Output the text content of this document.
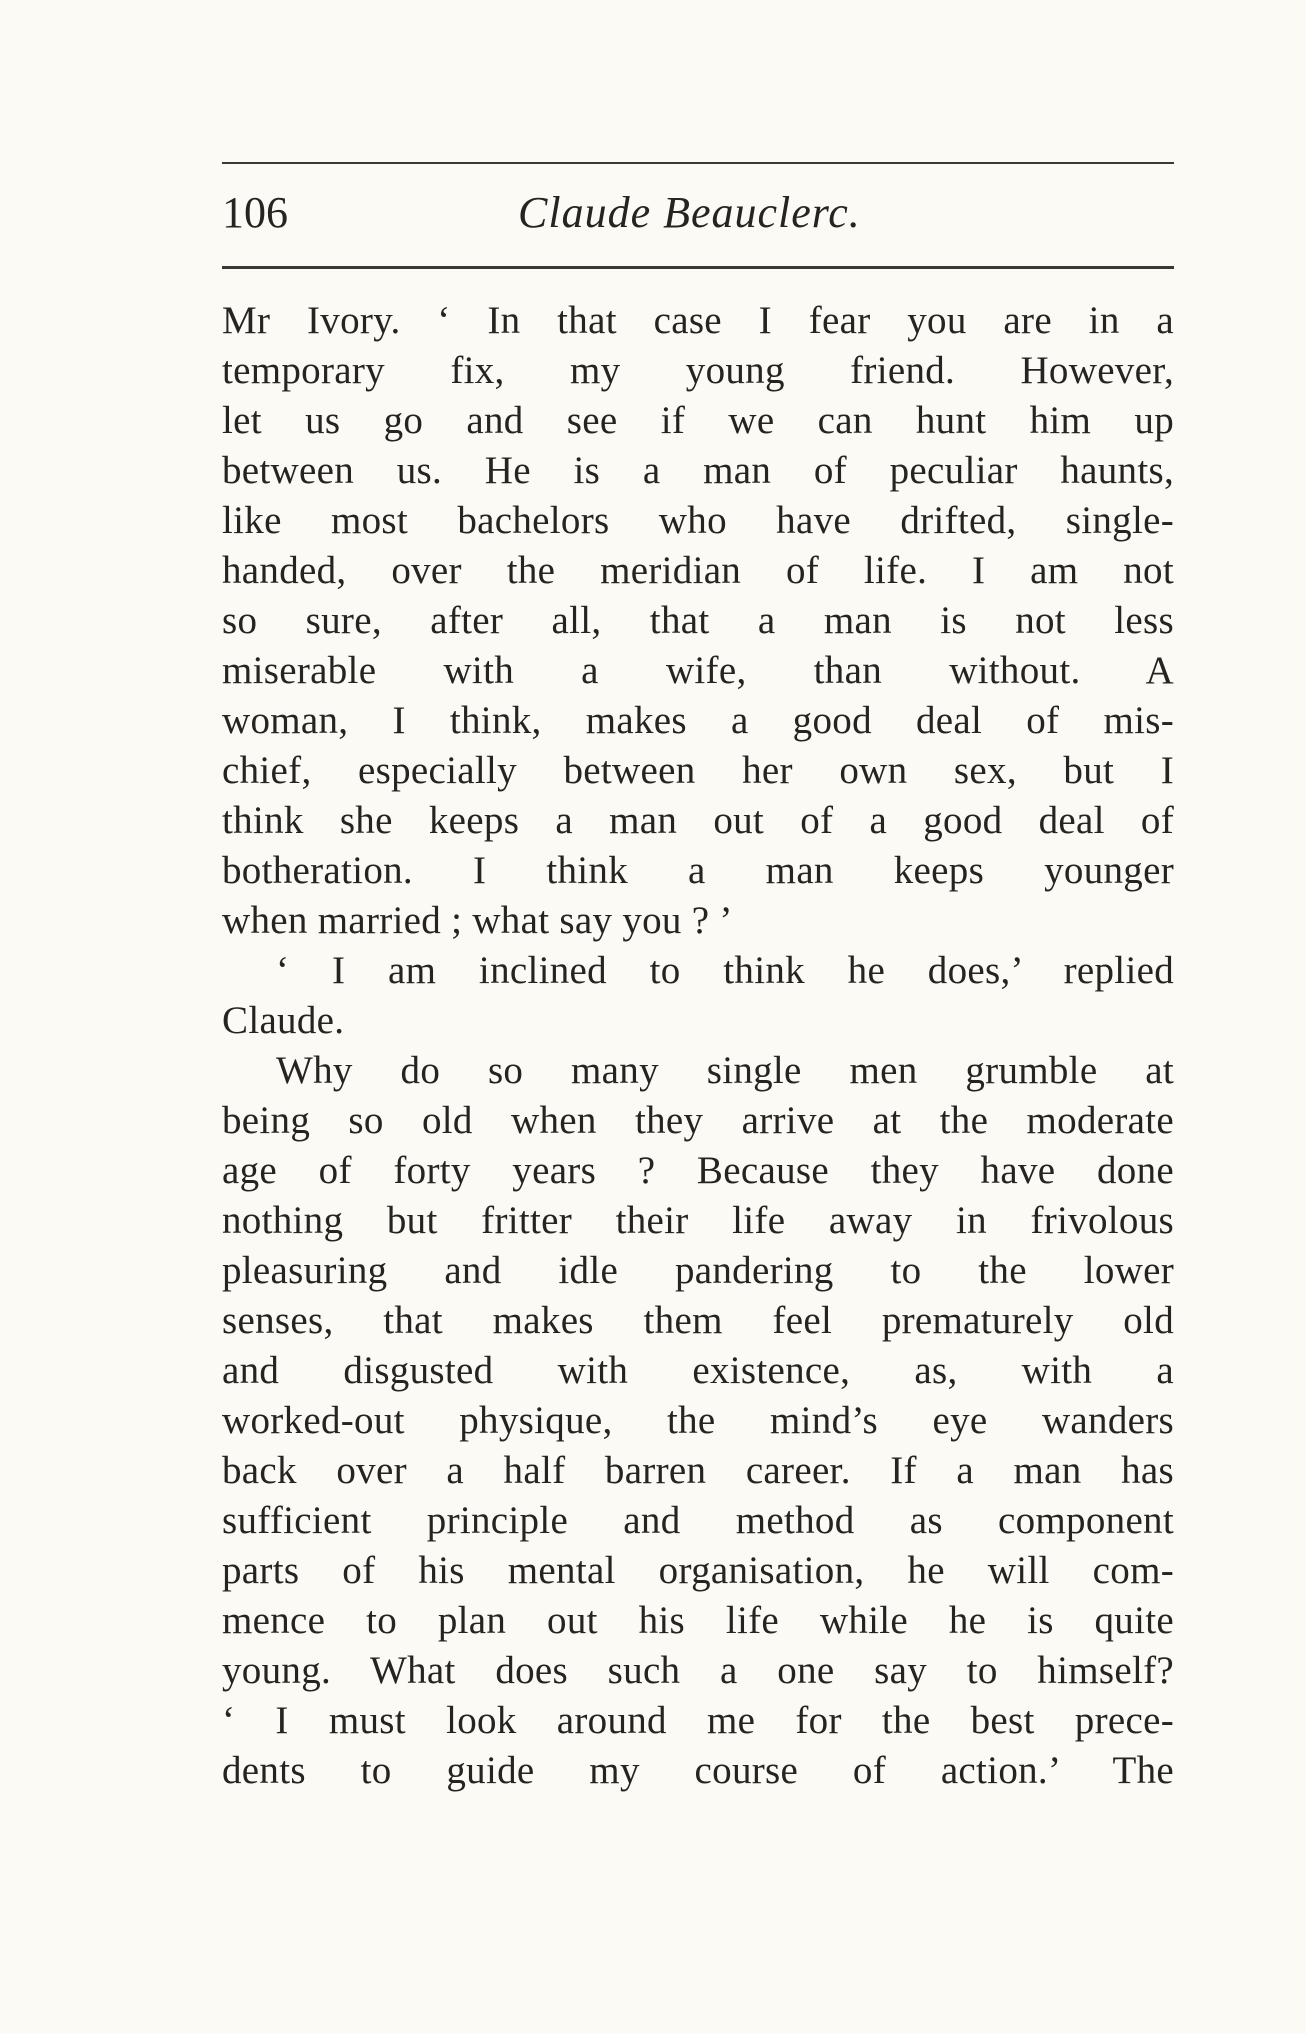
106	Claude Beauclerc.
Mr Ivory. ‘ In that case I fear you are in a
temporary fix, my young friend. However,
let us go and see if we can hunt him up
between us. He is a man of peculiar haunts,
like most bachelors who have drifted, single-
handed, over the meridian of life. I am not
so sure, after all, that a man is not less
miserable with a wife, than without. A
woman, I think, makes a good deal of mis-
chief, especially between her own sex, but I
think she keeps a man out of a good deal of
botheration. I think a man keeps younger
when married ; what say you ? ’
‘ I am inclined to think he does,’ replied
Claude.
Why do so many single men grumble at
being so old when they arrive at the moderate
age of forty years ? Because they have done
nothing but fritter their life away in frivolous
pleasuring and idle pandering to the lower
senses, that makes them feel prematurely old
and disgusted with existence, as, with a
worked-out physique, the mind’s eye wanders
back over a half barren career. If a man has
sufficient principle and method as component
parts of his mental organisation, he will com-
mence to plan out his life while he is quite
young. What does such a one say to himself?
‘ I must look around me for the best prece-
dents to guide my course of action.’ The
